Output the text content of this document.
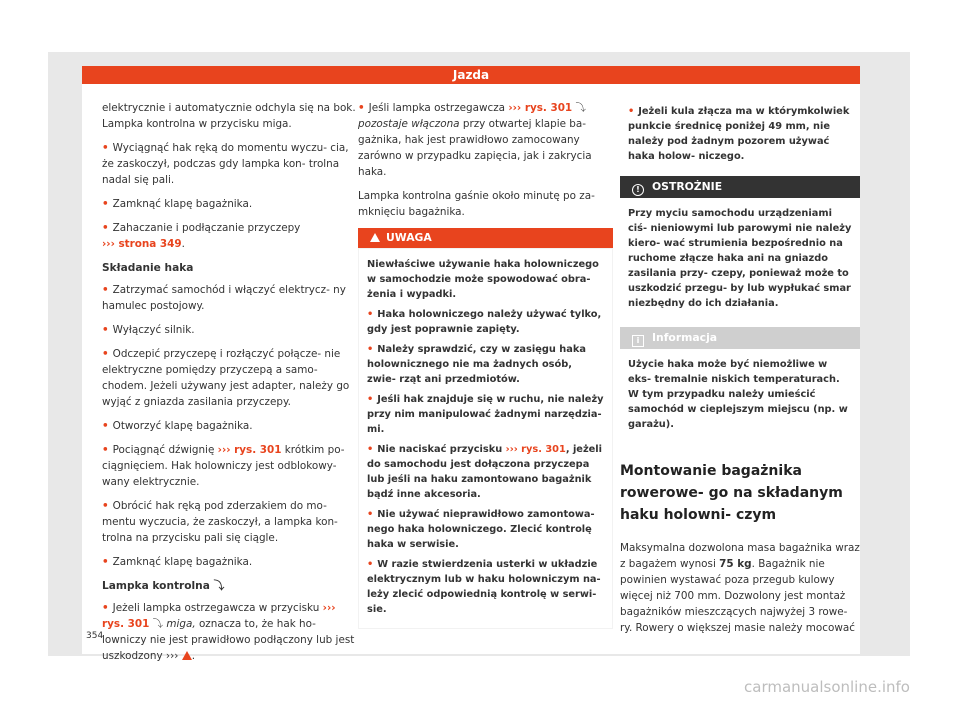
Jazda

elektrycznie i automatycznie odchyla się na bok. Lampka kontrolna w przycisku miga.

• Wyciągnąć hak ręką do momentu wyczu- cia, że zaskoczył, podczas gdy lampka kon- trolna nadal się pali.

• Zamknąć klapę bagażnika.

• Zahaczanie i podłączanie przyczepy
››› strona 349.

Składanie haka

• Zatrzymać samochód i włączyć elektrycz- ny hamulec postojowy.

• Wyłączyć silnik.

• Odczepić przyczepę i rozłączyć połącze- nie elektryczne pomiędzy przyczepą a samo- chodem. Jeżeli używany jest adapter, należy go wyjąć z gniazda zasilania przyczepy.

• Otworzyć klapę bagażnika.

• Pociągnąć dźwignię ››› rys. 301 krótkim po- ciągnięciem. Hak holowniczy jest odblokowy- wany elektrycznie.

• Obrócić hak ręką pod zderzakiem do mo- mentu wyczucia, że zaskoczył, a lampka kon- trolna na przycisku pali się ciągle.

• Zamknąć klapę bagażnika.

Lampka kontrolna ⤵

• Jeżeli lampka ostrzegawcza w przycisku ››› rys. 301 ⤵ miga, oznacza to, że hak ho- lowniczy nie jest prawidłowo podłączony lub jest uszkodzony ››› .

• Jeśli lampka ostrzegawcza ››› rys. 301 ⤵ pozostaje włączona przy otwartej klapie ba- gażnika, hak jest prawidłowo zamocowany zarówno w przypadku zapięcia, jak i zakrycia haka.

Lampka kontrolna gaśnie około minutę po za- mknięciu bagażnika.

UWAGA

Niewłaściwe używanie haka holowniczego w samochodzie może spowodować obra- żenia i wypadki.

• Haka holowniczego należy używać tylko, gdy jest poprawnie zapięty.

• Należy sprawdzić, czy w zasięgu haka holownicznego nie ma żadnych osób, zwie- rząt ani przedmiotów.

• Jeśli hak znajduje się w ruchu, nie należy przy nim manipulować żadnymi narzędzia- mi.

• Nie naciskać przycisku ››› rys. 301, jeżeli do samochodu jest dołączona przyczepa lub jeśli na haku zamontowano bagażnik bądź inne akcesoria.

• Nie używać nieprawidłowo zamontowa- nego haka holowniczego. Zlecić kontrolę haka w serwisie.

• W razie stwierdzenia usterki w układzie elektrycznym lub w haku holowniczym na- leży zlecić odpowiednią kontrolę w serwi- sie.

• Jeżeli kula złącza ma w którymkolwiek punkcie średnicę poniżej 49 mm, nie należy pod żadnym pozorem używać haka holow- niczego.

! OSTROŻNIE
Przy myciu samochodu urządzeniami ciś- nieniowymi lub parowymi nie należy kiero- wać strumienia bezpośrednio na ruchome złącze haka ani na gniazdo zasilania przy- czepy, ponieważ może to uszkodzić przegu- by lub wypłukać smar niezbędny do ich działania.
i Informacja
Użycie haka może być niemożliwe w eks- tremalnie niskich temperaturach. W tym przypadku należy umieścić samochód w cieplejszym miejscu (np. w garażu).
Montowanie bagażnika rowerowe- go na składanym haku holowni- czym

Maksymalna dozwolona masa bagażnika wraz z bagażem wynosi 75 kg. Bagażnik nie powinien wystawać poza przegub kulowy więcej niż 700 mm. Dozwolony jest montaż bagażników mieszczących najwyżej 3 rowe- ry. Rowery o większej masie należy mocować

354
carmanualsonline.info
